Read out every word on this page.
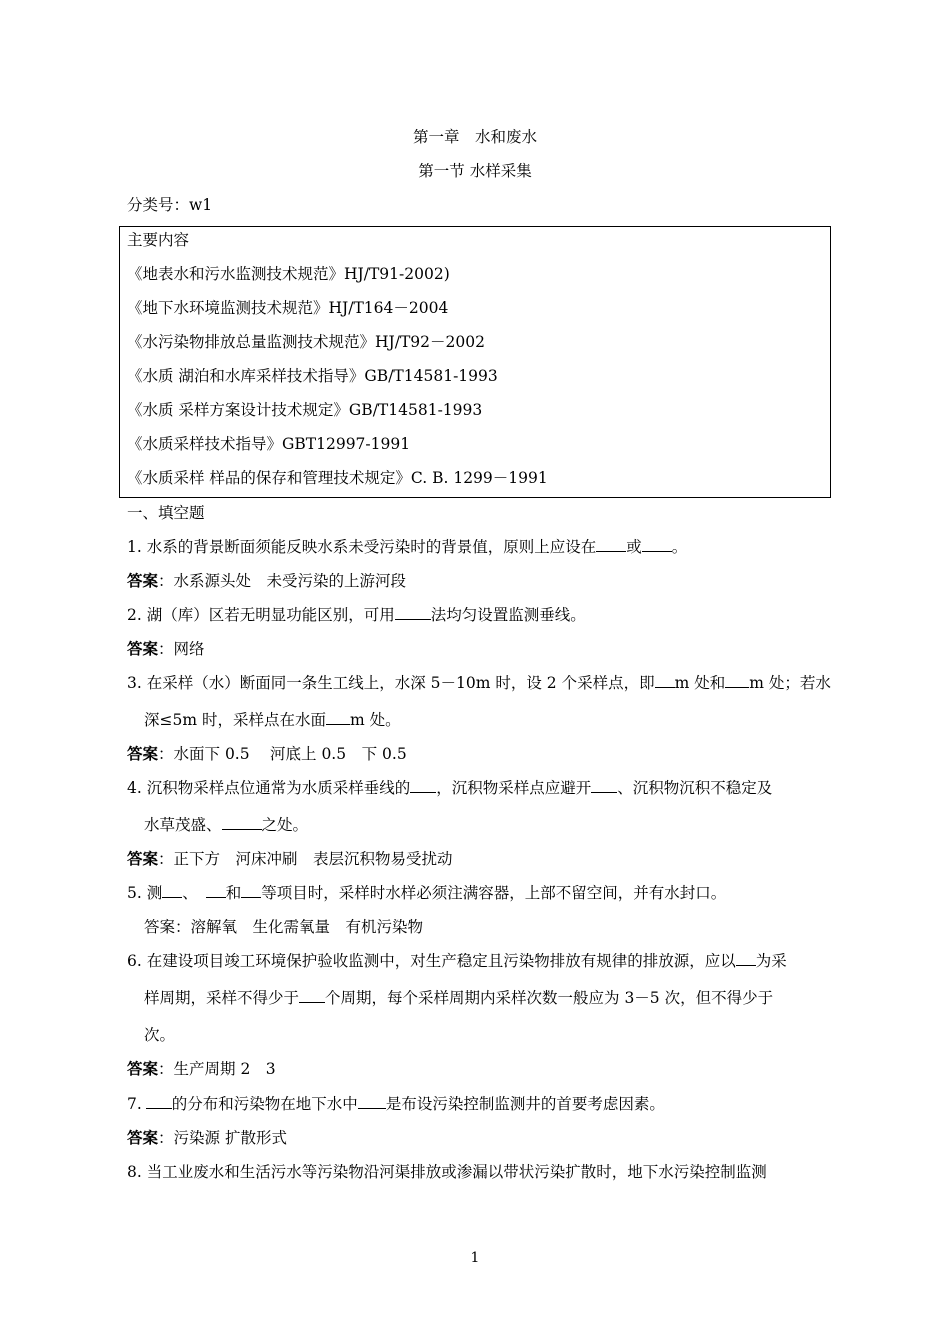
第一章　水和废水
第一节 水样采集
分类号：w1
主要内容
《地表水和污水监测技术规范》HJ/T91-2002)
《地下水环境监测技术规范》HJ/T164－2004
《水污染物排放总量监测技术规范》HJ/T92－2002
《水质 湖泊和水库采样技术指导》GB/T14581-1993
《水质 采样方案设计技术规定》GB/T14581-1993
《水质采样技术指导》GBT12997-1991
《水质采样 样品的保存和管理技术规定》C. B. 1299－1991
一、填空题
1. 水系的背景断面须能反映水系未受污染时的背景值，原则上应设在 或 。
答案：水系源头处　未受污染的上游河段
2. 湖（库）区若无明显功能区别，可用 法均匀设置监测垂线。
答案：网络
3. 在采样（水）断面同一条生工线上，水深 5－10m 时，设 2 个采样点，即 m 处和 m 处；若水
深≤5m 时，采样点在水面 m 处。
答案：水面下 0.5　 河底上 0.5　下 0.5
4. 沉积物采样点位通常为水质采样垂线的 ，沉积物采样点应避开 、沉积物沉积不稳定及
水草茂盛、	之处。
答案：正下方　河床冲刷　表层沉积物易受扰动
5. 测 、 和 等项目时，采样时水样必须注满容器，上部不留空间，并有水封口。
答案：溶解氧　生化需氧量　有机污染物
6. 在建设项目竣工环境保护验收监测中，对生产稳定且污染物排放有规律的排放源，应以 为采
样周期，采样不得少于 个周期，每个采样周期内采样次数一般应为 3－5 次，但不得少于
次。
答案：生产周期 2　3
7. 的分布和污染物在地下水中 是布设污染控制监测井的首要考虑因素。
答案：污染源 扩散形式
8. 当工业废水和生活污水等污染物沿河渠排放或渗漏以带状污染扩散时，地下水污染控制监测
1
